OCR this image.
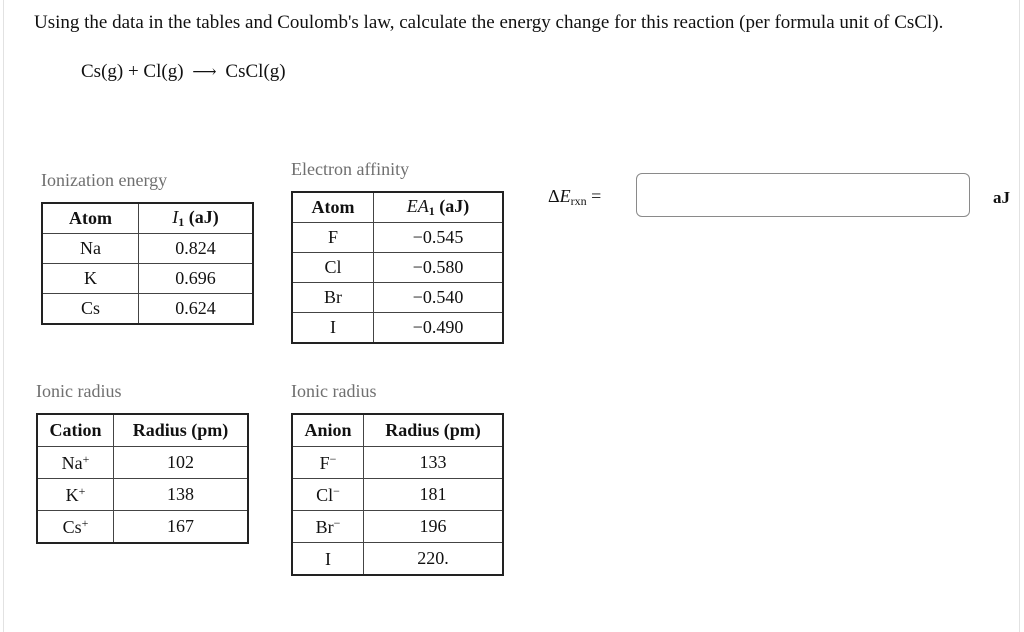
Using the data in the tables and Coulomb's law, calculate the energy change for this reaction (per formula unit of CsCl).
Cs(g) + Cl(g) ⟶ CsCl(g)
Ionization energy
Atom	$I_1$ (aJ)
Na	0.824
K	0.696
Cs	0.624
Electron affinity
Atom	$EA_1$ (aJ)
F	−0.545
Cl	−0.580
Br	−0.540
I	−0.490
$\Delta E_{rxn}$ =	aJ
Ionic radius
Cation	Radius (pm)
Na+	102
K+	138
Cs+	167
Ionic radius
Anion	Radius (pm)
F−	133
Cl−	181
Br−	196
I	220.
